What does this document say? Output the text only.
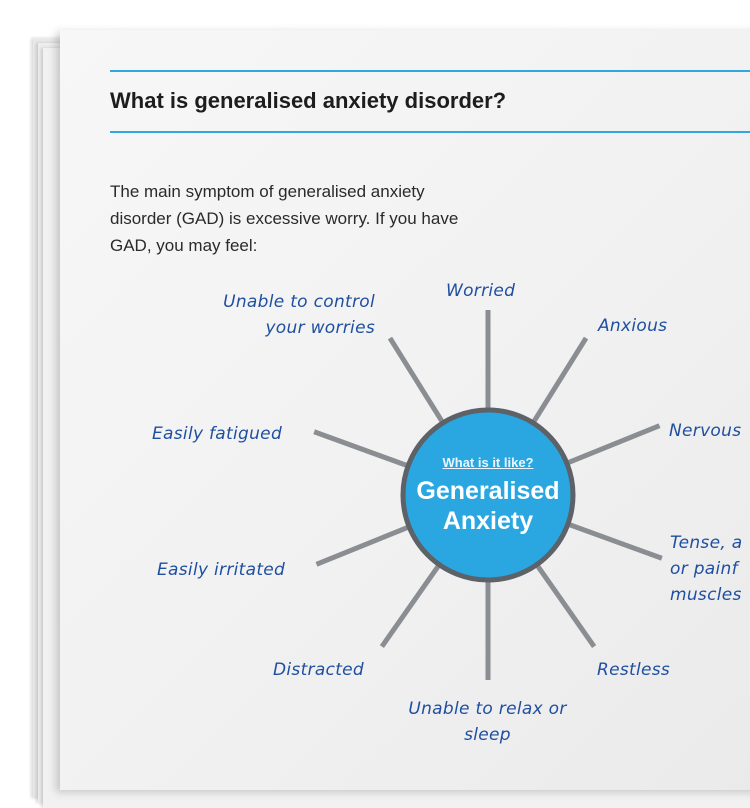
What is generalised anxiety disorder?

The main symptom of generalised anxiety
disorder (GAD) is excessive worry. If you have
GAD, you may feel:

What is it like?
Generalised
Anxiety
Worried
Anxious
Nervous
Tense, a
or painf
muscles
Restless
Unable to relax or
sleep
Distracted
Easily irritated
Easily fatigued
Unable to control
your worries
